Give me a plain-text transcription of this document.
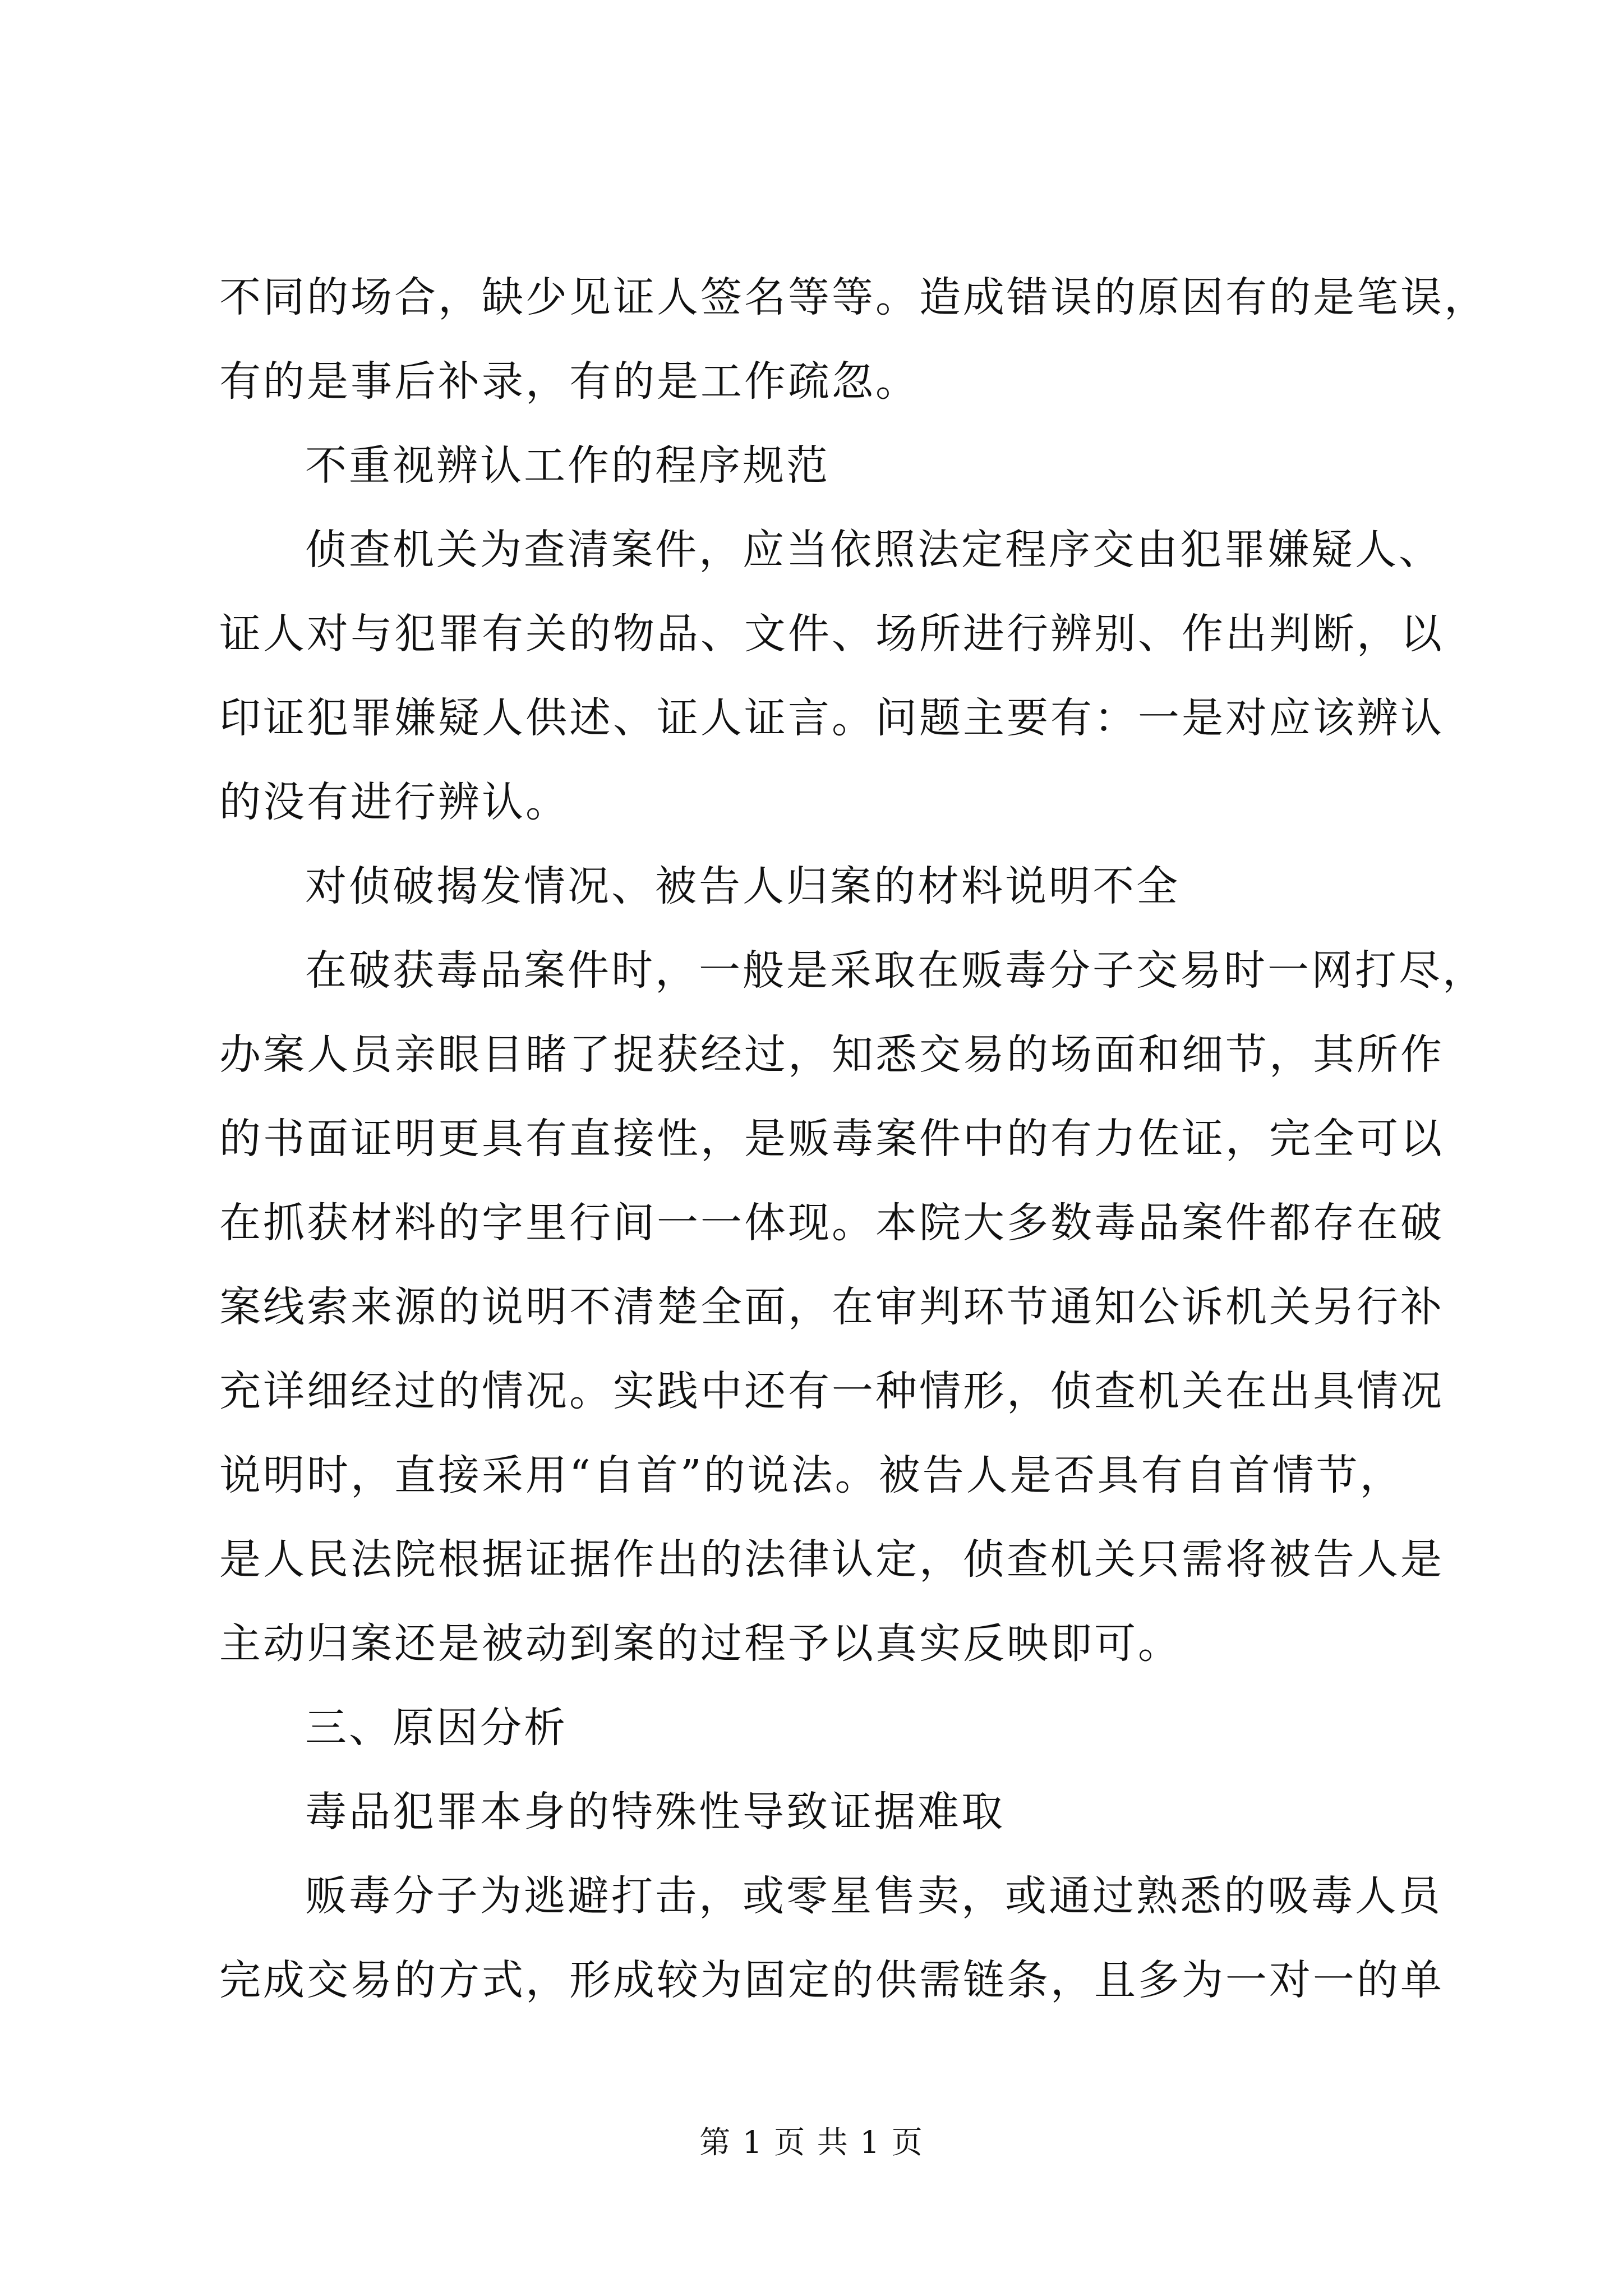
不同的场合，缺少见证人签名等等。造成错误的原因有的是笔误，
有的是事后补录，有的是工作疏忽。
不重视辨认工作的程序规范
侦查机关为查清案件，应当依照法定程序交由犯罪嫌疑人、
证人对与犯罪有关的物品、文件、场所进行辨别、作出判断，以
印证犯罪嫌疑人供述、证人证言。问题主要有：一是对应该辨认
的没有进行辨认。
对侦破揭发情况、被告人归案的材料说明不全
在破获毒品案件时，一般是采取在贩毒分子交易时一网打尽，
办案人员亲眼目睹了捉获经过，知悉交易的场面和细节，其所作
的书面证明更具有直接性，是贩毒案件中的有力佐证，完全可以
在抓获材料的字里行间一一体现。本院大多数毒品案件都存在破
案线索来源的说明不清楚全面，在审判环节通知公诉机关另行补
充详细经过的情况。实践中还有一种情形，侦查机关在出具情况
说明时，直接采用“自首”的说法。被告人是否具有自首情节，
是人民法院根据证据作出的法律认定，侦查机关只需将被告人是
主动归案还是被动到案的过程予以真实反映即可。
三、原因分析
毒品犯罪本身的特殊性导致证据难取
贩毒分子为逃避打击，或零星售卖，或通过熟悉的吸毒人员
完成交易的方式，形成较为固定的供需链条，且多为一对一的单
第 1 页 共 1 页
